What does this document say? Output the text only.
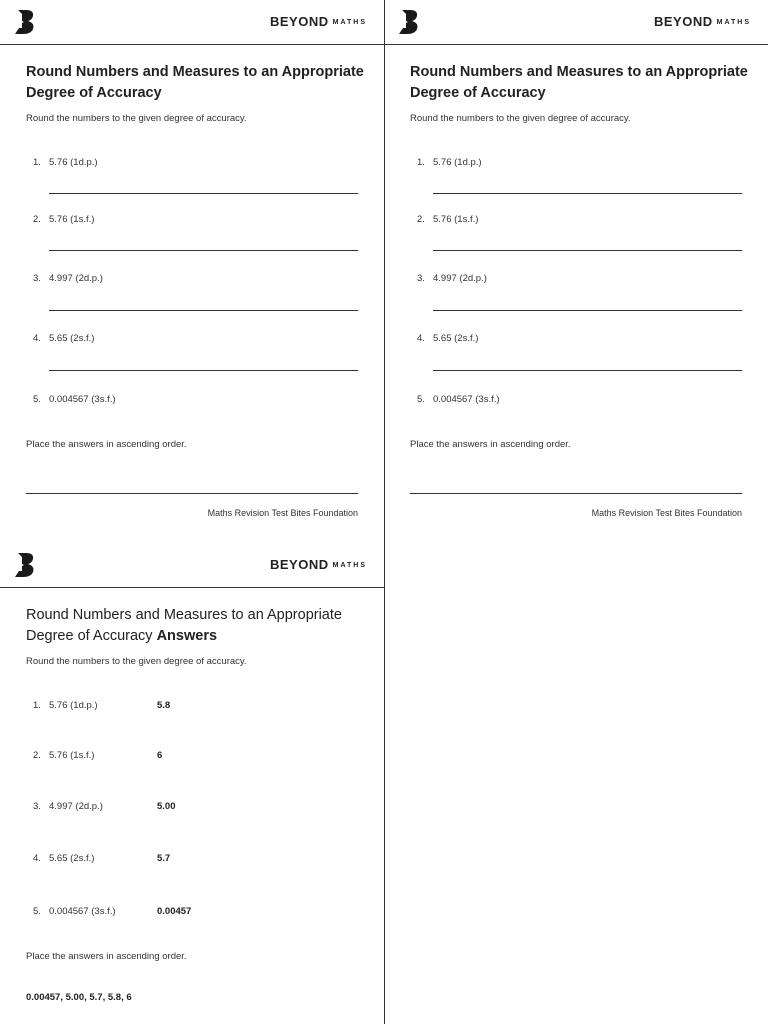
BEYOND $^{MATHS}$
Round Numbers and Measures to an Appropriate
Degree of Accuracy
Round the numbers to the given degree of accuracy.
1. 5.76 (1d.p.)
2. 5.76 (1s.f.)
3. 4.997 (2d.p.)
4. 5.65 (2s.f.)
5. 0.004567 (3s.f.)
Place the answers in ascending order.
Maths Revision Test Bites Foundation
BEYOND $^{MATHS}$
Round Numbers and Measures to an Appropriate
Degree of Accuracy
Round the numbers to the given degree of accuracy.
1. 5.76 (1d.p.)
2. 5.76 (1s.f.)
3. 4.997 (2d.p.)
4. 5.65 (2s.f.)
5. 0.004567 (3s.f.)
Place the answers in ascending order.
Maths Revision Test Bites Foundation
BEYOND $^{MATHS}$
Round Numbers and Measures to an Appropriate
Degree of Accuracy Answers
Round the numbers to the given degree of accuracy.
1. 5.76 (1d.p.)	5.8
2. 5.76 (1s.f.)	6
3. 4.997 (2d.p.)	5.00
4. 5.65 (2s.f.)	5.7
5. 0.004567 (3s.f.)	0.00457
Place the answers in ascending order.
0.00457, 5.00, 5.7, 5.8, 6
